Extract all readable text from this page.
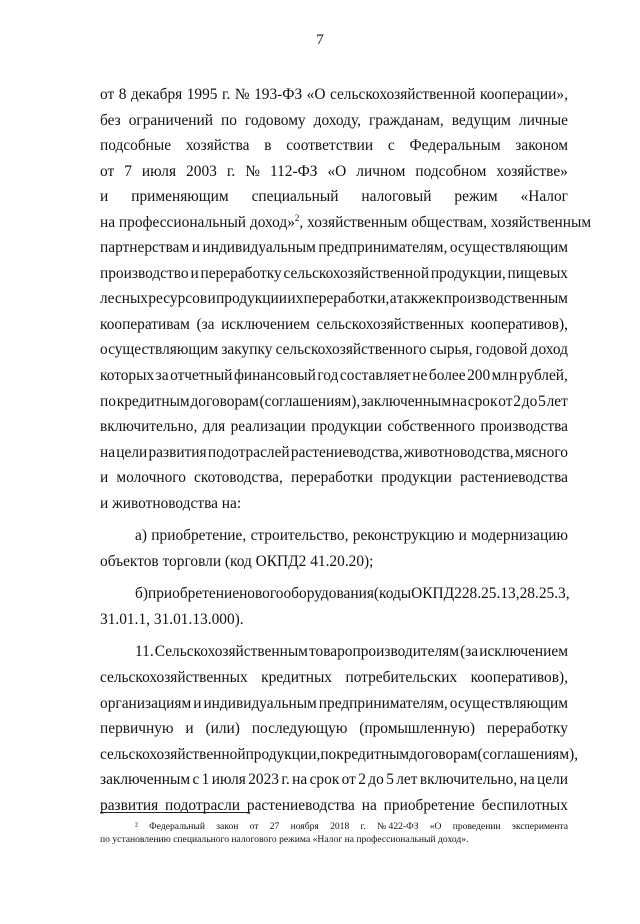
7
от 8 декабря 1995 г. № 193-ФЗ «О сельскохозяйственной кооперации»,
без ограничений по годовому доходу, гражданам, ведущим личные
подсобные хозяйства в соответствии с Федеральным законом
от 7 июля 2003 г. № 112-ФЗ «О личном подсобном хозяйстве»
и применяющим специальный налоговый режим «Налог
на профессиональный доход»$^2$, хозяйственным обществам, хозяйственным
партнерствам и индивидуальным предпринимателям, осуществляющим
производство и переработку сельскохозяйственной продукции, пищевых
лесных ресурсов и продукции их переработки, а также к производственным
кооперативам (за исключением сельскохозяйственных кооперативов),
осуществляющим закупку сельскохозяйственного сырья, годовой доход
которых за отчетный финансовый год составляет не более 200 млн рублей,
по кредитным договорам (соглашениям), заключенным на срок от 2 до 5 лет
включительно, для реализации продукции собственного производства
на цели развития подотраслей растениеводства, животноводства, мясного
и молочного скотоводства, переработки продукции растениеводства
и животноводства на:
а) приобретение, строительство, реконструкцию и модернизацию
объектов торговли (код ОКПД2 41.20.20);
б) приобретение нового оборудования (коды ОКПД2 28.25.13, 28.25.3,
31.01.1, 31.01.13.000).
11. Сельскохозяйственным товаропроизводителям (за исключением
сельскохозяйственных кредитных потребительских кооперативов),
организациям и индивидуальным предпринимателям, осуществляющим
первичную и (или) последующую (промышленную) переработку
сельскохозяйственной продукции, по кредитным договорам (соглашениям),
заключенным с 1 июля 2023 г. на срок от 2 до 5 лет включительно, на цели
развития подотрасли растениеводства на приобретение беспилотных
² Федеральный закон от 27 ноября 2018 г. № 422-ФЗ «О проведении эксперимента
по установлению специального налогового режима «Налог на профессиональный доход».
